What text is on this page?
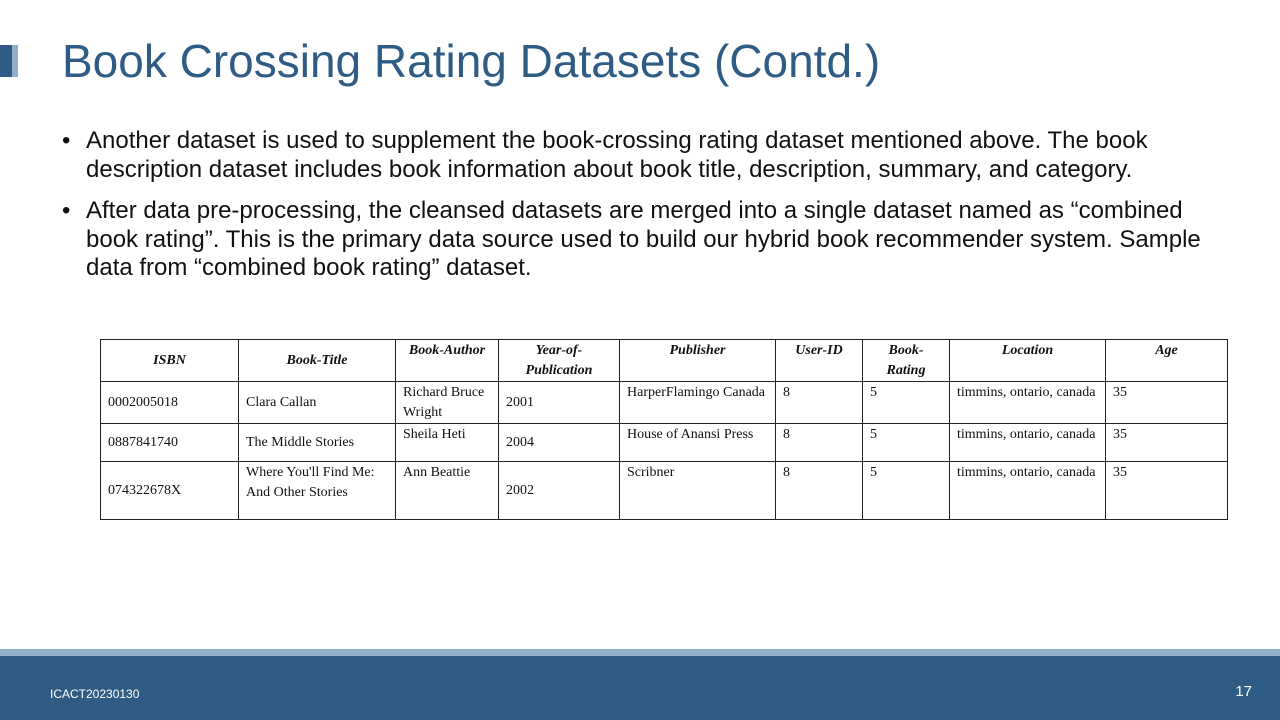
Book Crossing Rating Datasets (Contd.)
• Another dataset is used to supplement the book-crossing rating dataset mentioned above. The book description dataset includes book information about book title, description, summary, and category.
• After data pre-processing, the cleansed datasets are merged into a single dataset named as “combined book rating”. This is the primary data source used to build our hybrid book recommender system. Sample data from “combined book rating” dataset.
ISBN	Book-Title	Book-Author	Year-of-Publication	Publisher	User-ID	Book-Rating	Location	Age
0002005018	Clara Callan	Richard Bruce Wright	2001	HarperFlamingo Canada	8	5	timmins, ontario, canada	35
0887841740	The Middle Stories	Sheila Heti	2004	House of Anansi Press	8	5	timmins, ontario, canada	35
074322678X	Where You'll Find Me: And Other Stories	Ann Beattie	2002	Scribner	8	5	timmins, ontario, canada	35
ICACT20230130	17
